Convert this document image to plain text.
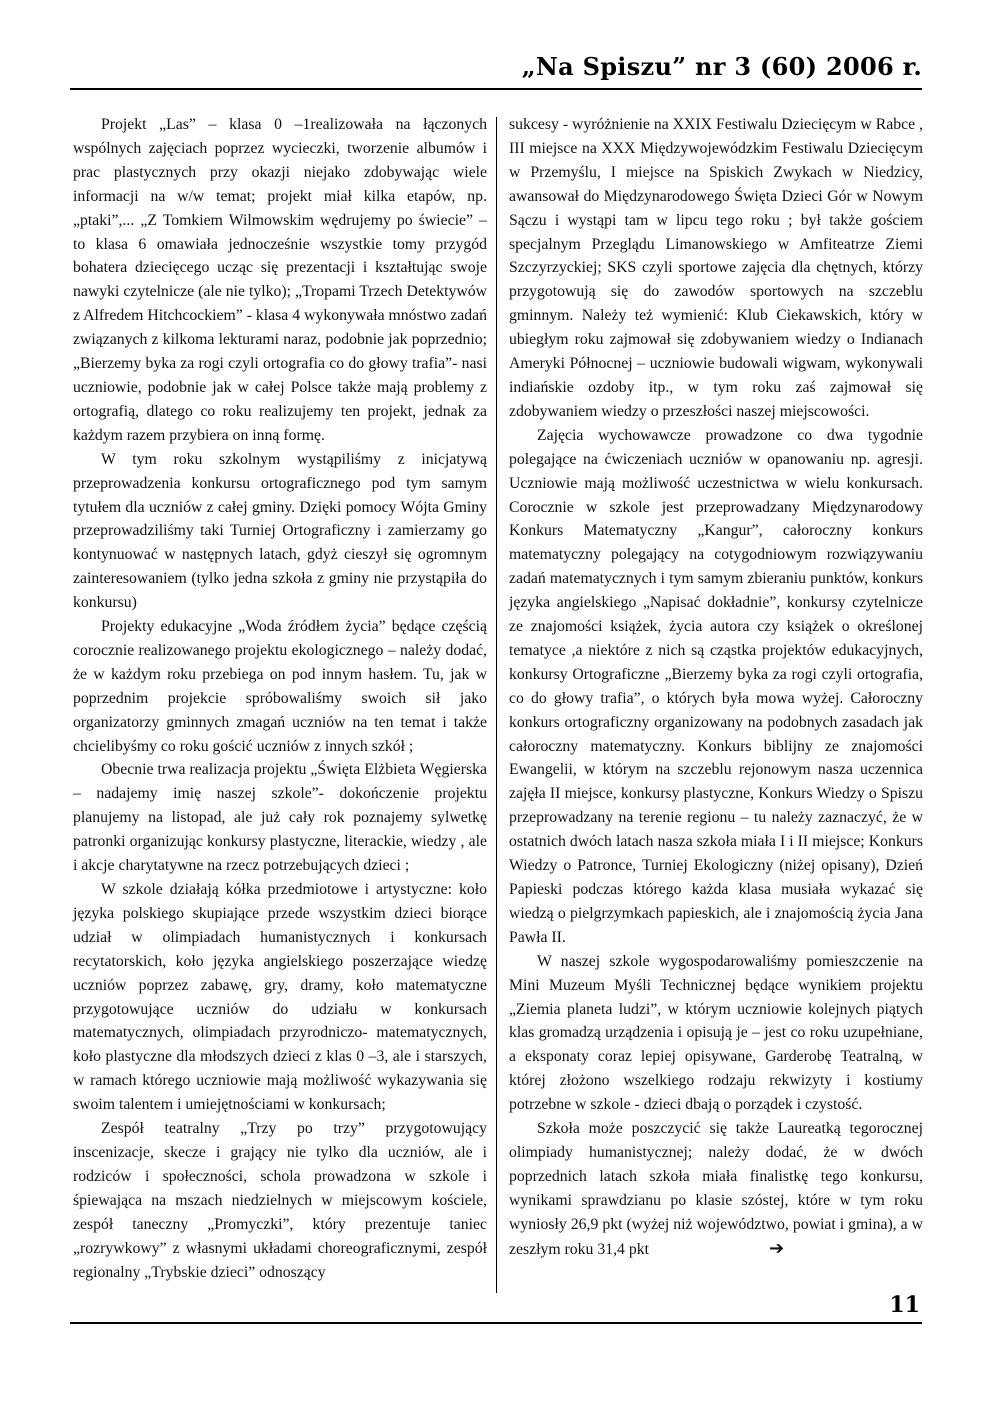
„Na Spiszu” nr 3 (60) 2006 r.

Projekt „Las” – klasa 0 –1realizowała na łączonych wspólnych zajęciach poprzez wycieczki, tworzenie albumów i prac plastycznych przy okazji niejako zdobywając wiele informacji na w/w temat; projekt miał kilka etapów, np. „ptaki”,... „Z Tomkiem Wilmowskim wędrujemy po świecie” – to klasa 6 omawiała jednocześnie wszystkie tomy przygód bohatera dziecięcego ucząc się prezentacji i kształtując swoje nawyki czytelnicze (ale nie tylko); „Tropami Trzech Detektywów z Alfredem Hitchcockiem” - klasa 4 wykonywała mnóstwo zadań związanych z kilkoma lekturami naraz, podobnie jak poprzednio; „Bierzemy byka za rogi czyli ortografia co do głowy trafia”- nasi uczniowie, podobnie jak w całej Polsce także mają problemy z ortografią, dlatego co roku realizujemy ten projekt, jednak za każdym razem przybiera on inną formę.

W tym roku szkolnym wystąpiliśmy z inicjatywą przeprowadzenia konkursu ortograficznego pod tym samym tytułem dla uczniów z całej gminy. Dzięki pomocy Wójta Gminy przeprowadziliśmy taki Turniej Ortograficzny i zamierzamy go kontynuować w następnych latach, gdyż cieszył się ogromnym zainteresowaniem (tylko jedna szkoła z gminy nie przystąpiła do konkursu)

Projekty edukacyjne „Woda źródłem życia” będące częścią corocznie realizowanego projektu ekologicznego – należy dodać, że w każdym roku przebiega on pod innym hasłem. Tu, jak w poprzednim projekcie spróbowaliśmy swoich sił jako organizatorzy gminnych zmagań uczniów na ten temat i także chcielibyśmy co roku gościć uczniów z innych szkół ;

Obecnie trwa realizacja projektu „Święta Elżbieta Węgierska – nadajemy imię naszej szkole”- dokończenie projektu planujemy na listopad, ale już cały rok poznajemy sylwetkę patronki organizując konkursy plastyczne, literackie, wiedzy , ale i akcje charytatywne na rzecz potrzebujących dzieci ;

W szkole działają kółka przedmiotowe i artystyczne: koło języka polskiego skupiające przede wszystkim dzieci biorące udział w olimpiadach humanistycznych i konkursach recytatorskich, koło języka angielskiego poszerzające wiedzę uczniów poprzez zabawę, gry, dramy, koło matematyczne przygotowujące uczniów do udziału w konkursach matematycznych, olimpiadach przyrodniczo- matematycznych, koło plastyczne dla młodszych dzieci z klas 0 –3, ale i starszych, w ramach którego uczniowie mają możliwość wykazywania się swoim talentem i umiejętnościami w konkursach;

Zespół teatralny „Trzy po trzy” przygotowujący inscenizacje, skecze i grający nie tylko dla uczniów, ale i rodziców i społeczności, schola prowadzona w szkole i śpiewająca na mszach niedzielnych w miejscowym kościele, zespół taneczny „Promyczki”, który prezentuje taniec „rozrywkowy” z własnymi układami choreograficznymi, zespół regionalny „Trybskie dzieci” odnoszący

sukcesy - wyróżnienie na XXIX Festiwalu Dziecięcym w Rabce , III miejsce na XXX Międzywojewódzkim Festiwalu Dziecięcym w Przemyślu, I miejsce na Spiskich Zwykach w Niedzicy, awansował do Międzynarodowego Święta Dzieci Gór w Nowym Sączu i wystąpi tam w lipcu tego roku ; był także gościem specjalnym Przeglądu Limanowskiego w Amfiteatrze Ziemi Szczyrzyckiej; SKS czyli sportowe zajęcia dla chętnych, którzy przygotowują się do zawodów sportowych na szczeblu gminnym. Należy też wymienić: Klub Ciekawskich, który w ubiegłym roku zajmował się zdobywaniem wiedzy o Indianach Ameryki Północnej – uczniowie budowali wigwam, wykonywali indiańskie ozdoby itp., w tym roku zaś zajmował się zdobywaniem wiedzy o przeszłości naszej miejscowości.

Zajęcia wychowawcze prowadzone co dwa tygodnie polegające na ćwiczeniach uczniów w opanowaniu np. agresji. Uczniowie mają możliwość uczestnictwa w wielu konkursach. Corocznie w szkole jest przeprowadzany Międzynarodowy Konkurs Matematyczny „Kangur”, całoroczny konkurs matematyczny polegający na cotygodniowym rozwiązywaniu zadań matematycznych i tym samym zbieraniu punktów, konkurs języka angielskiego „Napisać dokładnie”, konkursy czytelnicze ze znajomości książek, życia autora czy książek o określonej tematyce ,a niektóre z nich są cząstka projektów edukacyjnych, konkursy Ortograficzne „Bierzemy byka za rogi czyli ortografia, co do głowy trafia”, o których była mowa wyżej. Całoroczny konkurs ortograficzny organizowany na podobnych zasadach jak całoroczny matematyczny. Konkurs biblijny ze znajomości Ewangelii, w którym na szczeblu rejonowym nasza uczennica zajęła II miejsce, konkursy plastyczne, Konkurs Wiedzy o Spiszu przeprowadzany na terenie regionu – tu należy zaznaczyć, że w ostatnich dwóch latach nasza szkoła miała I i II miejsce; Konkurs Wiedzy o Patronce, Turniej Ekologiczny (niżej opisany), Dzień Papieski podczas którego każda klasa musiała wykazać się wiedzą o pielgrzymkach papieskich, ale i znajomością życia Jana Pawła II.

W naszej szkole wygospodarowaliśmy pomieszczenie na Mini Muzeum Myśli Technicznej będące wynikiem projektu „Ziemia planeta ludzi”, w którym uczniowie kolejnych piątych klas gromadzą urządzenia i opisują je – jest co roku uzupełniane, a eksponaty coraz lepiej opisywane, Garderobę Teatralną, w której złożono wszelkiego rodzaju rekwizyty i kostiumy potrzebne w szkole - dzieci dbają o porządek i czystość.

Szkoła może poszczycić się także Laureatką tegorocznej olimpiady humanistycznej; należy dodać, że w dwóch poprzednich latach szkoła miała finalistkę tego konkursu, wynikami sprawdzianu po klasie szóstej, które w tym roku wyniosły 26,9 pkt (wyżej niż województwo, powiat i gmina), a w zeszłym roku 31,4 pkt	➔

11
